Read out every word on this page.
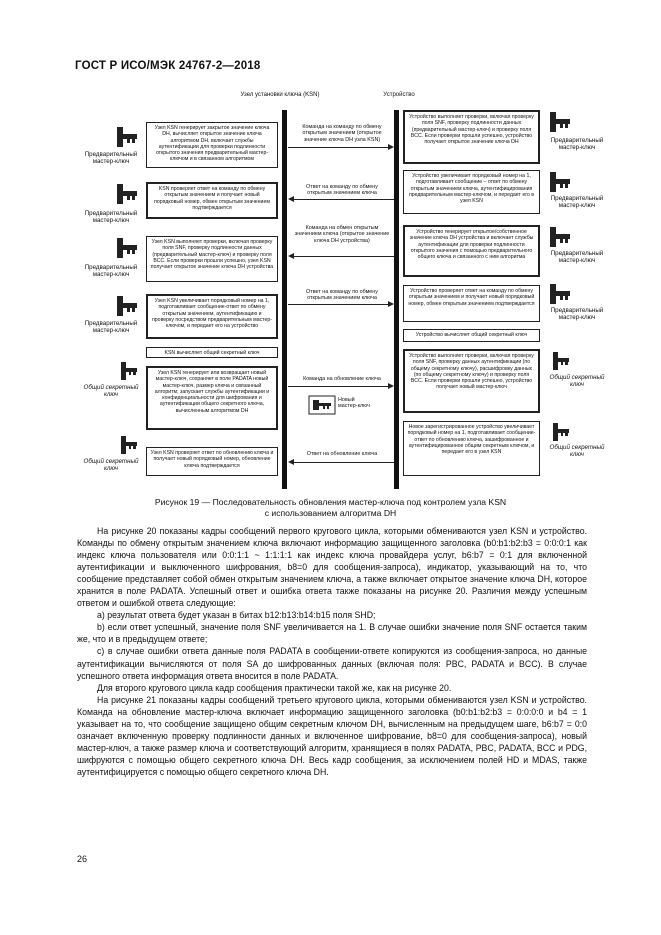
ГОСТ Р ИСО/МЭК 24767-2—2018
Узел установки ключа (KSN)	Устройство
Узел KSN генерирует закрытое значение ключа DH, вычисляет открытое значение ключа алгоритмом DH, включает службы аутентификации для проверки подлинности открытого значения предварительный мастер-ключом и в связанном алгоритмом
KSN проверяет ответ на команду по обмену открытым значением и получает новый порядковый номер, обмен открытым значением подтверждается
Узел KSN выполняет проверки, включая проверку поля SNF, проверку подлинности данных (предварительный мастер-ключ) и проверку поля BCC. Если проверки прошли успешно, узел KSN получает открытое значение ключа DH устройства
Узел KSN увеличивает порядковый номер на 1, подготавливает сообщение-ответ по обмену открытым значением, аутентификацию и проверку посредством предварительным мастер-ключом, и передает его на устройство
KSN вычисляет общий секретный ключ
Узел KSN генерирует или возвращает новый мастер-ключ, сохраняет в поле PADATA новый мастер-ключ, размер ключа и связанный алгоритм; запускает службы аутентификации и конфиденциальности для шифрования и аутентификации общего секретного ключа, вычисленным алгоритмом DH
Узел KSN проверяет ответ по обновлению ключа и получает новый порядковый номер, обновление ключа подтверждается
Устройство выполняет проверки, включая проверку поля SNF, проверку подлинности данных (предварительный мастер-ключ) и проверку поля BCC. Если проверки прошли успешно, устройство получает открытое значение ключа DH
Устройство увеличивает порядковый номер на 1, подготавливает сообщение – ответ по обмену открытым значением ключа, аутентифицирования предварительным мастер-ключом, и передает его в узел KSN
Устройство генерирует открытое/собственное значение ключа DH устройства и включает службы аутентификации для проверки подлинности открытого значения с помощью предварительного общего ключа и связанного с ним алгоритма
Устройство проверяет ответ на команду по обмену открытым значением и получает новый порядковый номер, обмен открытым значением подтверждается
Устройство вычисляет общий секретный ключ
Устройство выполняет проверки, включая проверку поля SNF, проверку данных аутентификации (по общему секретному ключу), расшифровку данных (по общему секретному ключу) и проверку поля BCC. Если проверки прошли успешно, устройство получает новый мастер-ключ
Новое зарегистрированное устройство увеличивает порядковый номер на 1, подготавливает сообщение-ответ по обновлению ключа, зашифрованное и аутентифицированное общим секретным ключом, и передает его в узел KSN
Команда на команду по обмену открытым значением (открытое значение ключа DH узла KSN)
Ответ на команду по обмену открытым значением ключа
Команда на обмен открытым значением ключа (открытое значение ключа DH устройства)
Ответ на команду по обмену открытым значением ключа
Команда на обновление ключа
Новый мастер-ключ
Ответ на обновление ключа
Предварительный мастер-ключ
Предварительный мастер-ключ
Предварительный мастер-ключ
Предварительный мастер-ключ
Общий секретный ключ
Общий секретный ключ
Предварительный мастер-ключ
Предварительный мастер-ключ
Предварительный мастер-ключ
Предварительный мастер-ключ
Общий секретный ключ
Общий секретный ключ
Рисунок 19 — Последовательность обновления мастер-ключа под контролем узла KSN
с использованием алгоритма DH

На рисунке 20 показаны кадры сообщений первого кругового цикла, которыми обмениваются узел KSN и устройство. Команды по обмену открытым значением ключа включают информацию защищенного заголовка (b0:b1:b2:b3 = 0:0:0:1 как индекс ключа пользователя или 0:0:1:1 ~ 1:1:1:1 как индекс ключа провайдера услуг, b6:b7 = 0:1 для включенной аутентификации и выключенного шифрования, b8=0 для сообщения-запроса), индикатор, указывающий на то, что сообщение представляет собой обмен открытым значением ключа, а также включает открытое значение ключа DH, которое хранится в поле PADATA. Успешный ответ и ошибка ответа также показаны на рисунке 20. Различия между успешным ответом и ошибкой ответа следующие:

a) результат ответа будет указан в битах b12:b13:b14:b15 поля SHD;

b) если ответ успешный, значение поля SNF увеличивается на 1. В случае ошибки значение поля SNF остается таким же, что и в предыдущем ответе;

c) в случае ошибки ответа данные поля PADATA в сообщении-ответе копируются из сообщения-запроса, но данные аутентификации вычисляются от поля SA до шифрованных данных (включая поля: PBC, PADATA и BCC). В случае успешного ответа информация ответа вносится в поле PADATA.

Для второго кругового цикла кадр сообщения практически такой же, как на рисунке 20.

На рисунке 21 показаны кадры сообщений третьего кругового цикла, которыми обмениваются узел KSN и устройство. Команда на обновление мастер-ключа включает информацию защищенного заголовка (b0:b1:b2:b3 = 0:0:0:0 и b4 = 1 указывает на то, что сообщение защищено общим секретным ключом DH, вычисленным на предыдущем шаге, b6:b7 = 0:0 означает включенную проверку подлинности данных и включенное шифрование, b8=0 для сообщения-запроса), новый мастер-ключ, а также размер ключа и соответствующий алгоритм, хранящиеся в полях PADATA, PBC, PADATA, BCC и PDG, шифруются с помощью общего секретного ключа DH. Весь кадр сообщения, за исключением полей HD и MDAS, также аутентифицируется с помощью общего секретного ключа DH.

26
